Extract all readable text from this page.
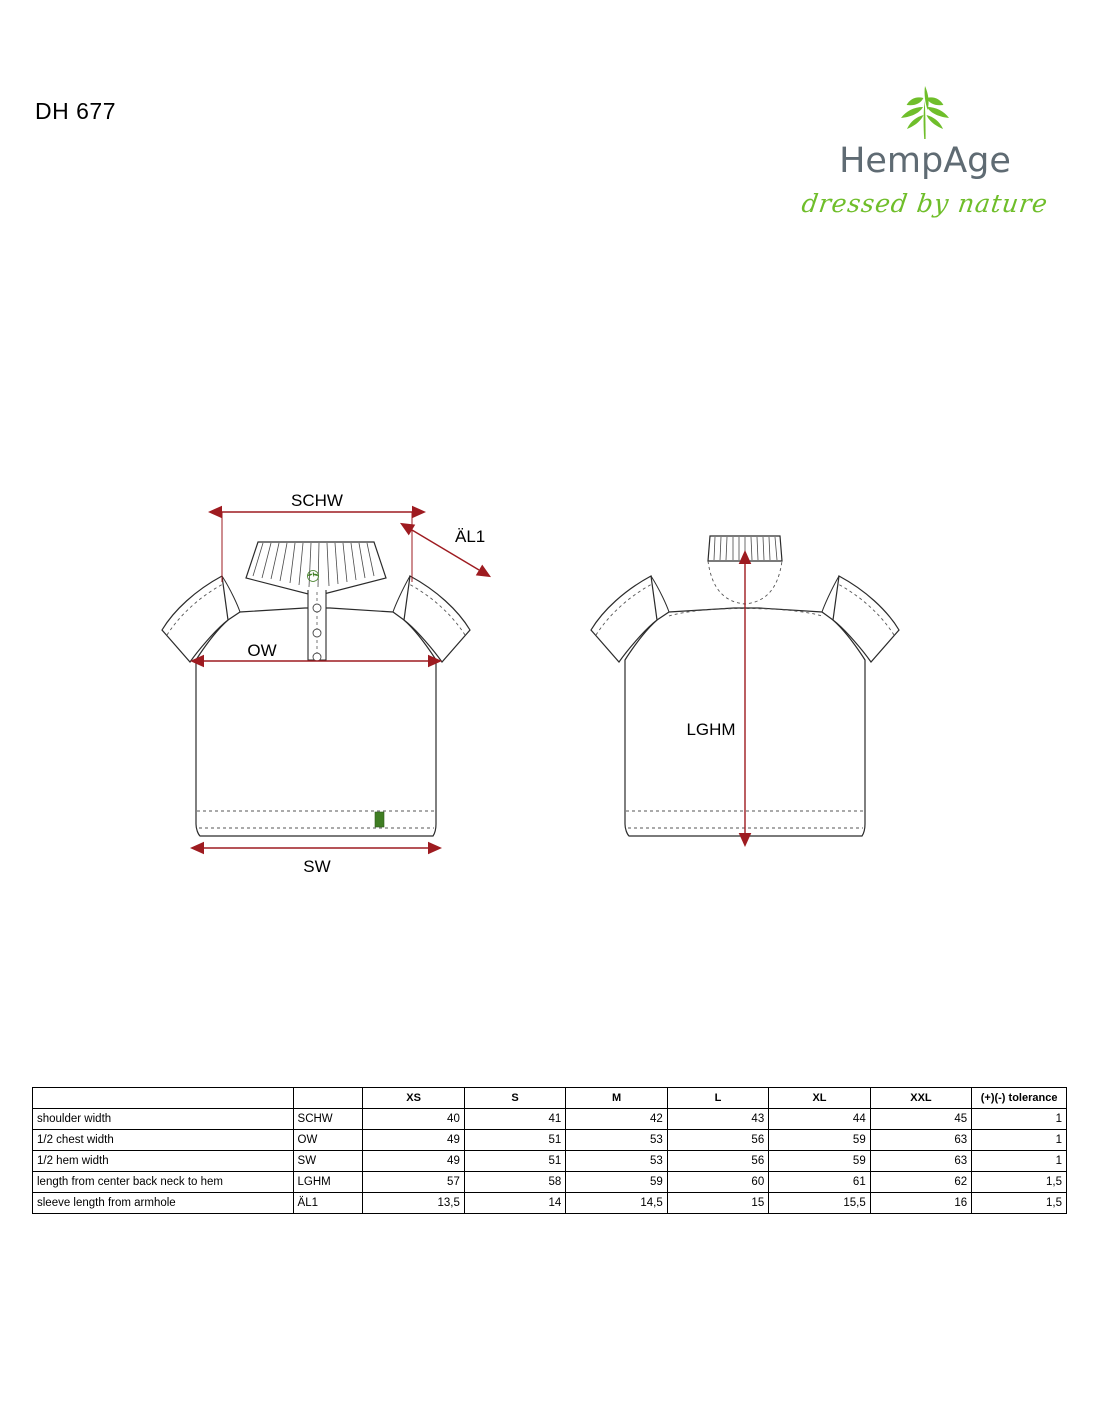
DH 677
HempAge
dressed by nature
SCHW
ÄL1
OW
SW
LGHM
		XS	S	M	L	XL	XXL	(+)(-) tolerance
shoulder width	SCHW	40	41	42	43	44	45	1
1/2 chest width	OW	49	51	53	56	59	63	1
1/2 hem width	SW	49	51	53	56	59	63	1
length from center back neck to hem	LGHM	57	58	59	60	61	62	1,5
sleeve length from armhole	ÄL1	13,5	14	14,5	15	15,5	16	1,5
